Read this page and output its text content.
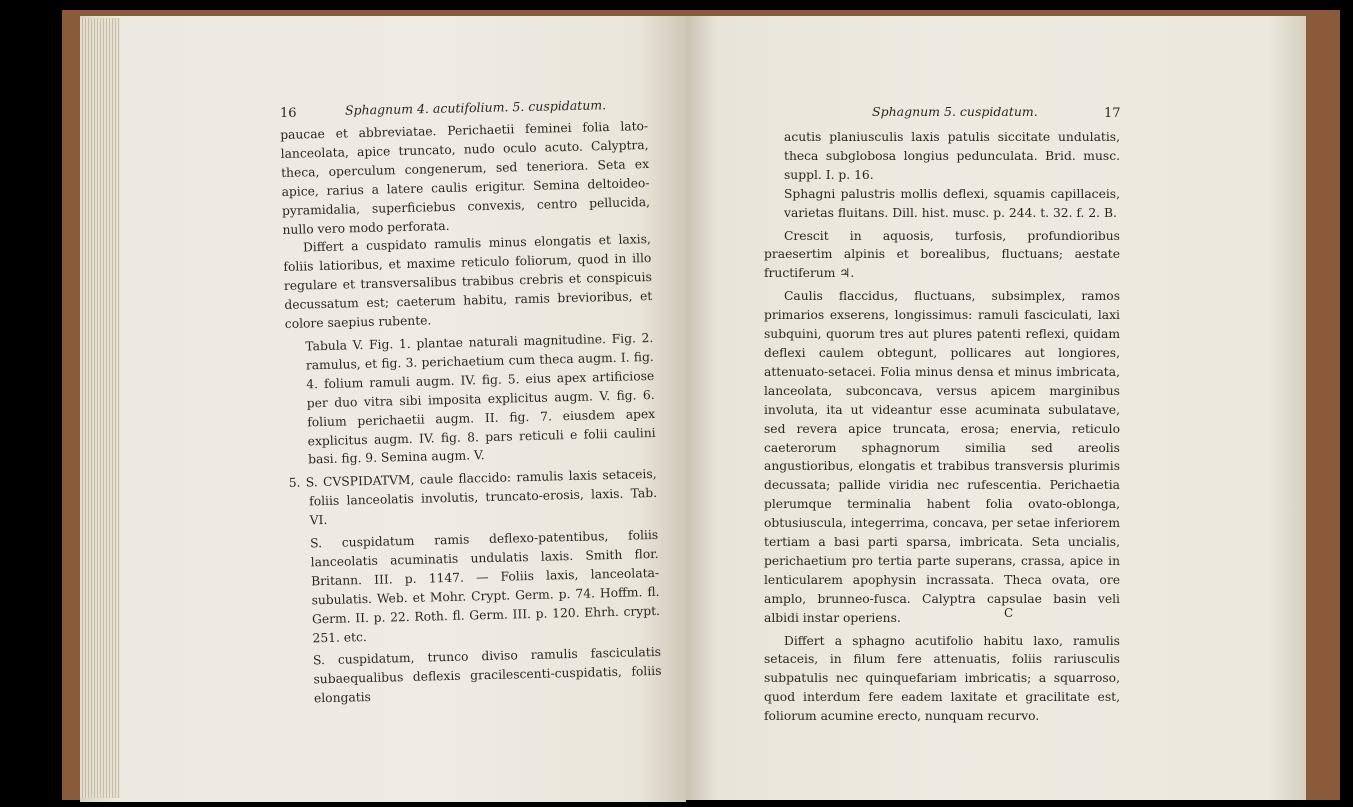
16	Sphagnum 4. acutifolium. 5. cuspidatum.

paucae et abbreviatae. Perichaetii feminei folia lato-lanceolata, apice truncato, nudo oculo acuto. Calyptra, theca, operculum congenerum, sed teneriora. Seta ex apice, rarius a latere caulis erigitur. Semina deltoideo-pyramidalia, superficiebus convexis, centro pellucida, nullo vero modo perforata.

Differt a cuspidato ramulis minus elongatis et laxis, foliis latioribus, et maxime reticulo foliorum, quod in illo regulare et transversalibus trabibus crebris et conspicuis decussatum est; caeterum habitu, ramis brevioribus, et colore saepius rubente.

Tabula V. Fig. 1. plantae naturali magnitudine. Fig. 2. ramulus, et fig. 3. perichaetium cum theca augm. I. fig. 4. folium ramuli augm. IV. fig. 5. eius apex artificiose per duo vitra sibi imposita explicitus augm. V. fig. 6. folium perichaetii augm. II. fig. 7. eiusdem apex explicitus augm. IV. fig. 8. pars reticuli e folii caulini basi. fig. 9. Semina augm. V.

5. S. CVSPIDATVM, caule flaccido: ramulis laxis setaceis, foliis lanceolatis involutis, truncato-erosis, laxis. Tab. VI.

S. cuspidatum ramis deflexo-patentibus, foliis lanceolatis acuminatis undulatis laxis. Smith flor. Britann. III. p. 1147. — Foliis laxis, lanceolata-subulatis. Web. et Mohr. Crypt. Germ. p. 74. Hoffm. fl. Germ. II. p. 22. Roth. fl. Germ. III. p. 120. Ehrh. crypt. 251. etc.

S. cuspidatum, trunco diviso ramulis fasciculatis subaequalibus deflexis gracilescenti-cuspidatis, foliis elongatis

Sphagnum 5. cuspidatum.	17

acutis planiusculis laxis patulis siccitate undulatis, theca subglobosa longius pedunculata. Brid. musc. suppl. I. p. 16.

Sphagni palustris mollis deflexi, squamis capillaceis, varietas fluitans. Dill. hist. musc. p. 244. t. 32. f. 2. B.

Crescit in aquosis, turfosis, profundioribus praesertim alpinis et borealibus, fluctuans; aestate fructiferum ♃.

Caulis flaccidus, fluctuans, subsimplex, ramos primarios exserens, longissimus: ramuli fasciculati, laxi subquini, quorum tres aut plures patenti reflexi, quidam deflexi caulem obtegunt, pollicares aut longiores, attenuato-setacei. Folia minus densa et minus imbricata, lanceolata, subconcava, versus apicem marginibus involuta, ita ut videantur esse acuminata subulatave, sed revera apice truncata, erosa; enervia, reticulo caeterorum sphagnorum similia sed areolis angustioribus, elongatis et trabibus transversis plurimis decussata; pallide viridia nec rufescentia. Perichaetia plerumque terminalia habent folia ovato-oblonga, obtusiuscula, integerrima, concava, per setae inferiorem tertiam a basi parti sparsa, imbricata. Seta uncialis, perichaetium pro tertia parte superans, crassa, apice in lenticularem apophysin incrassata. Theca ovata, ore amplo, brunneo-fusca. Calyptra capsulae basin veli albidi instar operiens.

Differt a sphagno acutifolio habitu laxo, ramulis setaceis, in filum fere attenuatis, foliis rariusculis subpatulis nec quinquefariam imbricatis; a squarroso, quod interdum fere eadem laxitate et gracilitate est, foliorum acumine erecto, nunquam recurvo.

C
